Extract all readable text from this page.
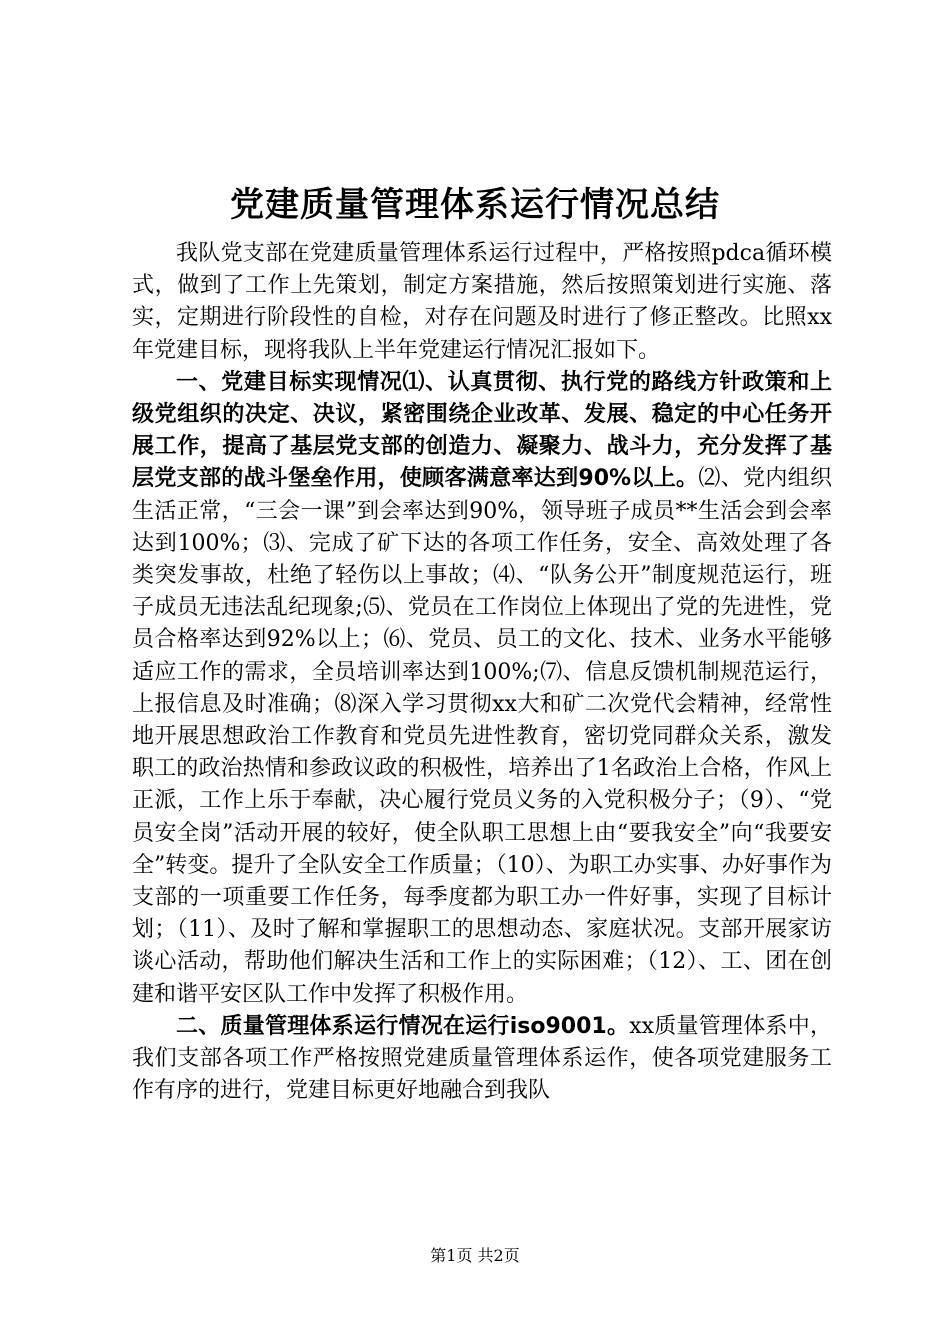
党建质量管理体系运行情况总结

我队党支部在党建质量管理体系运行过程中，严格按照pdca循环模式，做到了工作上先策划，制定方案措施，然后按照策划进行实施、落实，定期进行阶段性的自检，对存在问题及时进行了修正整改。比照xx年党建目标，现将我队上半年党建运行情况汇报如下。

一、党建目标实现情况⑴、认真贯彻、执行党的路线方针政策和上级党组织的决定、决议，紧密围绕企业改革、发展、稳定的中心任务开展工作，提高了基层党支部的创造力、凝聚力、战斗力，充分发挥了基层党支部的战斗堡垒作用，使顾客满意率达到90%以上。⑵、党内组织生活正常，“三会一课”到会率达到90%，领导班子成员**生活会到会率达到100%；⑶、完成了矿下达的各项工作任务，安全、高效处理了各类突发事故，杜绝了轻伤以上事故；⑷、“队务公开”制度规范运行，班子成员无违法乱纪现象;⑸、党员在工作岗位上体现出了党的先进性，党员合格率达到92%以上；⑹、党员、员工的文化、技术、业务水平能够适应工作的需求，全员培训率达到100%;⑺、信息反馈机制规范运行，上报信息及时准确；⑻深入学习贯彻xx大和矿二次党代会精神，经常性地开展思想政治工作教育和党员先进性教育，密切党同群众关系，激发职工的政治热情和参政议政的积极性，培养出了1名政治上合格，作风上正派，工作上乐于奉献，决心履行党员义务的入党积极分子；（9）、“党员安全岗”活动开展的较好，使全队职工思想上由“要我安全”向“我要安全”转变。提升了全队安全工作质量；（10）、为职工办实事、办好事作为支部的一项重要工作任务，每季度都为职工办一件好事，实现了目标计划；（11）、及时了解和掌握职工的思想动态、家庭状况。支部开展家访谈心活动，帮助他们解决生活和工作上的实际困难；（12）、工、团在创建和谐平安区队工作中发挥了积极作用。

二、质量管理体系运行情况在运行iso9001。xx质量管理体系中，我们支部各项工作严格按照党建质量管理体系运作，使各项党建服务工作有序的进行，党建目标更好地融合到我队

第1页 共2页
